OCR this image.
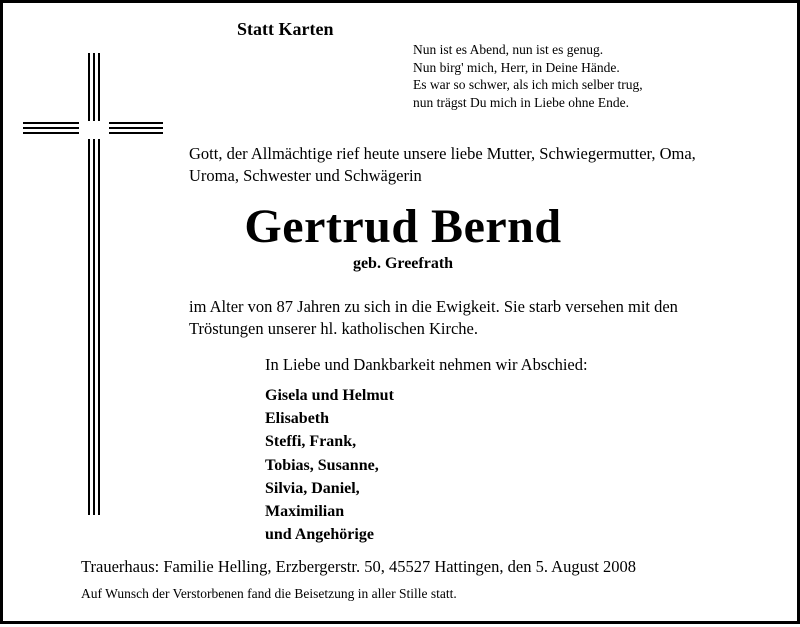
Statt Karten
Nun ist es Abend, nun ist es genug.
Nun birg' mich, Herr, in Deine Hände.
Es war so schwer, als ich mich selber trug,
nun trägst Du mich in Liebe ohne Ende.
Gott, der Allmächtige rief heute unsere liebe Mutter, Schwiegermutter, Oma,
Uroma, Schwester und Schwägerin
Gertrud Bernd
geb. Greefrath
im Alter von 87 Jahren zu sich in die Ewigkeit. Sie starb versehen mit den
Tröstungen unserer hl. katholischen Kirche.
In Liebe und Dankbarkeit nehmen wir Abschied:
Gisela und Helmut
Elisabeth
Steffi, Frank,
Tobias, Susanne,
Silvia, Daniel,
Maximilian
und Angehörige
Trauerhaus: Familie Helling, Erzbergerstr. 50, 45527 Hattingen, den 5. August 2008
Auf Wunsch der Verstorbenen fand die Beisetzung in aller Stille statt.
